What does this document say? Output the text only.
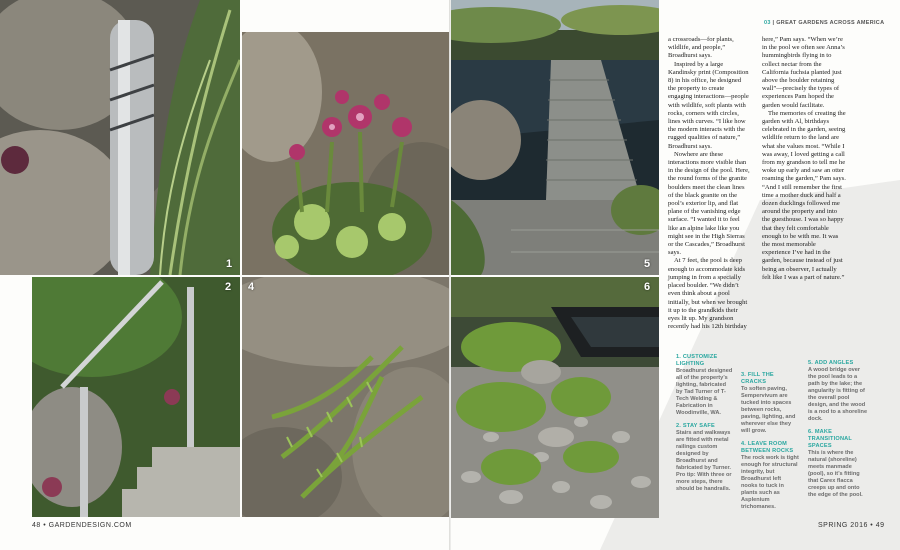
1
2 4
5
6
03 | GREAT GARDENS ACROSS AMERICA

a crossroads—for plants, wildlife, and people,” Broadhurst says.

Inspired by a large Kandinsky print (Composition 8) in his office, he designed the property to create engaging interactions—people with wildlife, soft plants with rocks, corners with circles, lines with curves. “I like how the modern interacts with the rugged qualities of nature,” Broadhurst says.

Nowhere are these interactions more visible than in the design of the pool. Here, the round forms of the granite boulders meet the clean lines of the black granite on the pool’s exterior lip, and flat plane of the vanishing edge surface. “I wanted it to feel like an alpine lake like you might see in the High Sierras or the Cascades,” Broadhurst says.

At 7 feet, the pool is deep enough to accommodate kids jumping in from a specially placed boulder. “We didn’t even think about a pool initially, but when we brought it up to the grandkids their eyes lit up. My grandson recently had his 12th birthday

here,” Pam says. “When we’re in the pool we often see Anna’s hummingbirds flying in to collect nectar from the California fuchsia planted just above the boulder retaining wall”—precisely the types of experiences Pam hoped the garden would facilitate.

The memories of creating the garden with Al, birthdays celebrated in the garden, seeing wildlife return to the land are what she values most. “While I was away, I loved getting a call from my grandson to tell me he woke up early and saw an otter roaming the garden,” Pam says. “And I still remember the first time a mother duck and half a dozen ducklings followed me around the property and into the guesthouse. I was so happy that they felt comfortable enough to be with me. It was the most memorable experience I’ve had in the garden, because instead of just being an observer, I actually felt like I was a part of nature.”

1. CUSTOMIZE LIGHTING
Broadhurst designed all of the property’s lighting, fabricated by Tad Turner of T-Tech Welding & Fabrication in Woodinville, WA.
2. STAY SAFE
Stairs and walkways are fitted with metal railings custom designed by Broadhurst and fabricated by Turner. Pro tip: With three or more steps, there should be handrails.
3. FILL THE CRACKS
To soften paving, Sempervivum are tucked into spaces between rocks, paving, lighting, and wherever else they will grow.
4. LEAVE ROOM BETWEEN ROCKS
The rock work is tight enough for structural integrity, but Broadhurst left nooks to tuck in plants such as Asplenium trichomanes.
5. ADD ANGLES
A wood bridge over the pool leads to a path by the lake; the angularity is fitting of the overall pool design, and the wood is a nod to a shoreline dock.
6. MAKE TRANSITIONAL SPACES
This is where the natural (shoreline) meets manmade (pool), so it’s fitting that Carex flacca creeps up and onto the edge of the pool.
48 • GARDENDESIGN.COM	SPRING 2016 • 49
